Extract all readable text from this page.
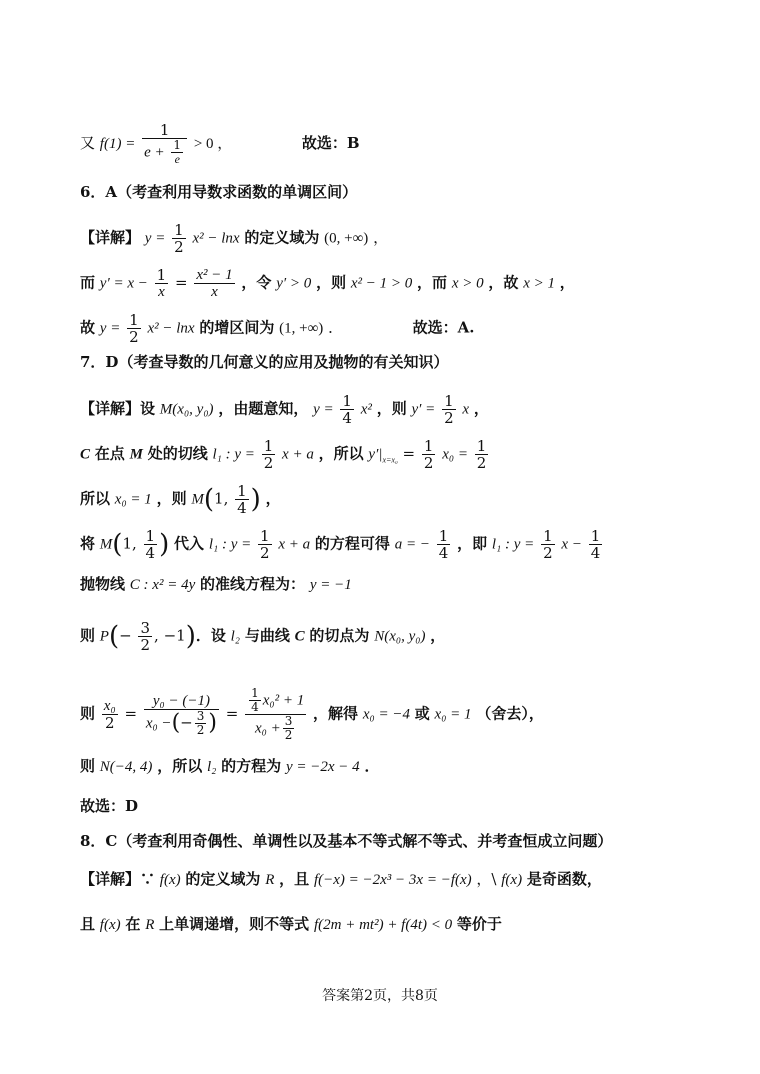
又 $f(1) = \frac{1}{e + \frac{1}{e}} > 0$ ，	故选：B
6．A（考查利用导数求函数的单调区间）
【详解】 $y = \frac{1}{2} x^2 - \ln x$ 的定义域为 (0, +∞) ，
而 $y' = x - \frac{1}{x} = \frac{\text{x² − 1}}{x}$ ，令 y′ > 0 ，则 x² − 1 > 0 ，而 x > 0 ，故 x > 1 ，
故 $y = \frac{1}{2} x^2 - \ln x$ 的增区间为 (1, +∞) ．	故选：A.
7．D（考查导数的几何意义的应用及抛物的有关知识）
【详解】设 M(x₀, y₀) ，由题意知， $y = \frac{1}{4} x^2$ ，则 $y' = \frac{1}{2}$ x ，
C 在点 M 处的切线 l₁ : $y = \frac{1}{2}$ x + a ，所以 $y'|_{x=x_0} = \frac{1}{2} x_0 = \frac{1}{2}$
所以 x₀ = 1 ，则 M(1, $\frac{1}{4}$ ) ，
将 M(1, $\frac{1}{4}$ ) 代入 l₁ : $y = \frac{1}{2}$ x + a 的方程可得 a = − $\frac{1}{4}$ ，即 l₁ : $y = \frac{1}{2}$ $x - \frac{1}{4}$
抛物线 C : x² = 4y 的准线方程为： y = −1
则 $P(- \frac{3}{2}$ , −1)．设 l₂ 与曲线 C 的切点为 N(x₀, y₀) ，
则 $\frac{\text{x₀}}{2} = \frac{\text{y₀ − (−1)}}{x_0 -(- \frac{3}{2} )} = \frac{\frac{1}{4} x_0^2 + 1}{x_0 + \frac{3}{2}}$ ，解得 x₀ = −4 或 x₀ = 1 （舍去），
则 N(−4, 4) ，所以 l₂ 的方程为 y = −2x − 4 ．
故选：D
8．C（考查利用奇偶性、单调性以及基本不等式解不等式、并考查恒成立问题）
【详解】∵ f(x) 的定义域为 R ，且 f(−x) = −2x³ − 3x = −f(x) ，\ f(x) 是奇函数，
且 f(x) 在 R 上单调递增，则不等式 f(2m + mt²) + f(4t) < 0 等价于
答案第2页，共8页
